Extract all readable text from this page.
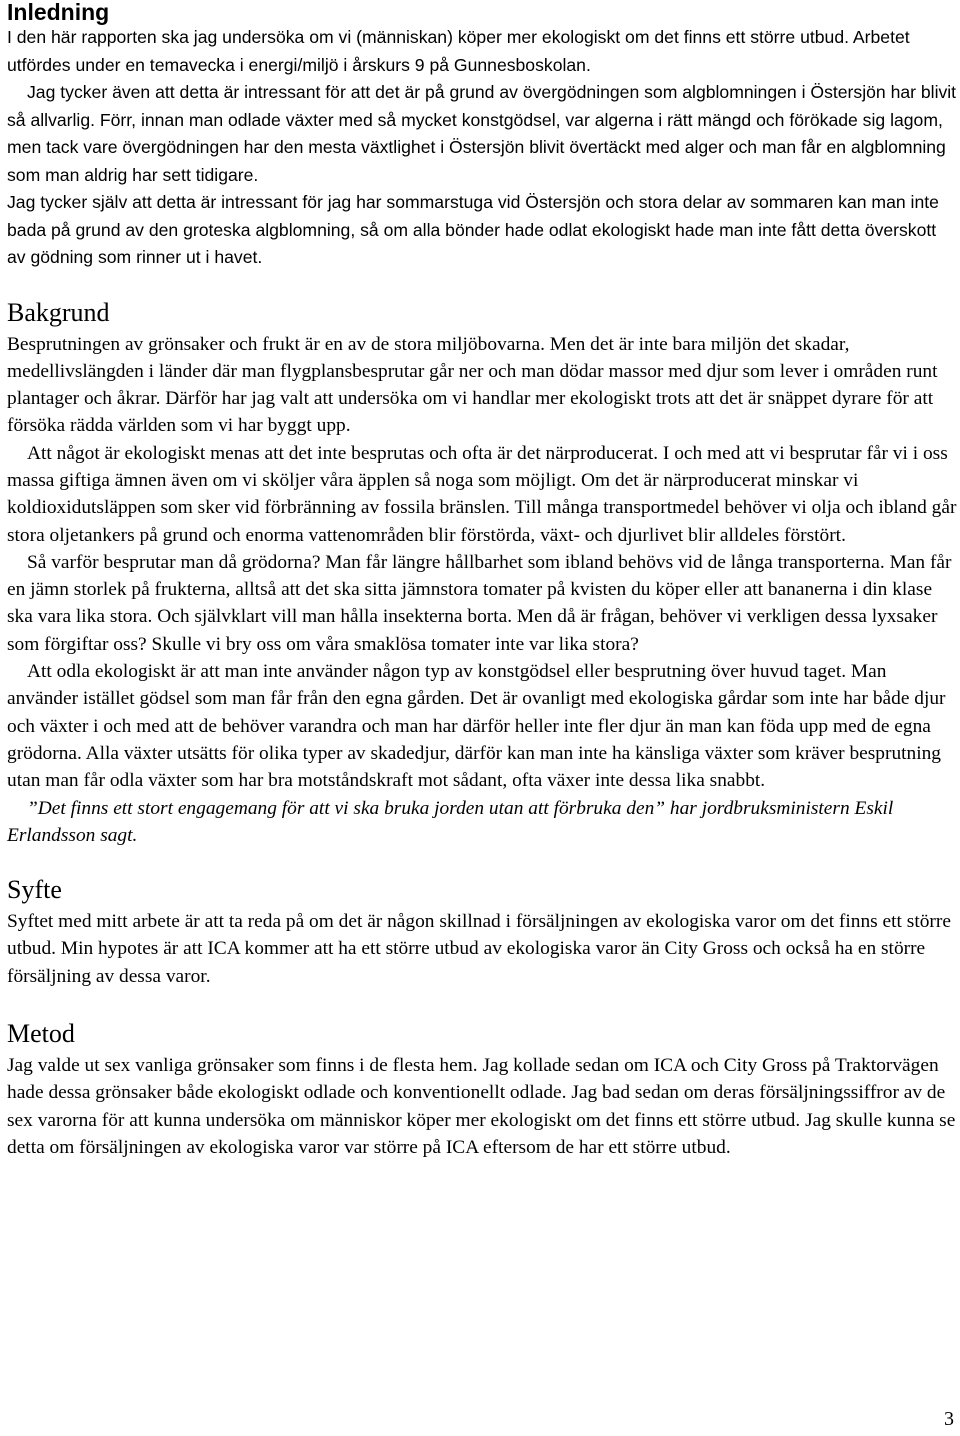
Inledning

I den här rapporten ska jag undersöka om vi (människan) köper mer ekologiskt om det finns ett större utbud. Arbetet utfördes under en temavecka i energi/miljö i årskurs 9 på Gunnesboskolan.

Jag tycker även att detta är intressant för att det är på grund av övergödningen som algblomningen i Östersjön har blivit så allvarlig. Förr, innan man odlade växter med så mycket konstgödsel, var algerna i rätt mängd och förökade sig lagom, men tack vare övergödningen har den mesta växtlighet i Östersjön blivit övertäckt med alger och man får en algblomning som man aldrig har sett tidigare.

Jag tycker själv att detta är intressant för jag har sommarstuga vid Östersjön och stora delar av sommaren kan man inte bada på grund av den groteska algblomning, så om alla bönder hade odlat ekologiskt hade man inte fått detta överskott av gödning som rinner ut i havet.

Bakgrund

Besprutningen av grönsaker och frukt är en av de stora miljöbovarna. Men det är inte bara miljön det skadar, medellivslängden i länder där man flygplansbesprutar går ner och man dödar massor med djur som lever i områden runt plantager och åkrar. Därför har jag valt att undersöka om vi handlar mer ekologiskt trots att det är snäppet dyrare för att försöka rädda världen som vi har byggt upp.

Att något är ekologiskt menas att det inte besprutas och ofta är det närproducerat. I och med att vi besprutar får vi i oss massa giftiga ämnen även om vi sköljer våra äpplen så noga som möjligt. Om det är närproducerat minskar vi koldioxidutsläppen som sker vid förbränning av fossila bränslen. Till många transportmedel behöver vi olja och ibland går stora oljetankers på grund och enorma vattenområden blir förstörda, växt- och djurlivet blir alldeles förstört.

Så varför besprutar man då grödorna? Man får längre hållbarhet som ibland behövs vid de långa transporterna. Man får en jämn storlek på frukterna, alltså att det ska sitta jämnstora tomater på kvisten du köper eller att bananerna i din klase ska vara lika stora. Och självklart vill man hålla insekterna borta. Men då är frågan, behöver vi verkligen dessa lyxsaker som förgiftar oss? Skulle vi bry oss om våra smaklösa tomater inte var lika stora?

Att odla ekologiskt är att man inte använder någon typ av konstgödsel eller besprutning över huvud taget. Man använder istället gödsel som man får från den egna gården. Det är ovanligt med ekologiska gårdar som inte har både djur och växter i och med att de behöver varandra och man har därför heller inte fler djur än man kan föda upp med de egna grödorna. Alla växter utsätts för olika typer av skadedjur, därför kan man inte ha känsliga växter som kräver besprutning utan man får odla växter som har bra motståndskraft mot sådant, ofta växer inte dessa lika snabbt.

”Det finns ett stort engagemang för att vi ska bruka jorden utan att förbruka den” har jordbruksministern Eskil Erlandsson sagt.

Syfte

Syftet med mitt arbete är att ta reda på om det är någon skillnad i försäljningen av ekologiska varor om det finns ett större utbud. Min hypotes är att ICA kommer att ha ett större utbud av ekologiska varor än City Gross och också ha en större försäljning av dessa varor.

Metod

Jag valde ut sex vanliga grönsaker som finns i de flesta hem. Jag kollade sedan om ICA och City Gross på Traktorvägen hade dessa grönsaker både ekologiskt odlade och konventionellt odlade. Jag bad sedan om deras försäljningssiffror av de sex varorna för att kunna undersöka om människor köper mer ekologiskt om det finns ett större utbud. Jag skulle kunna se detta om försäljningen av ekologiska varor var större på ICA eftersom de har ett större utbud.

3
